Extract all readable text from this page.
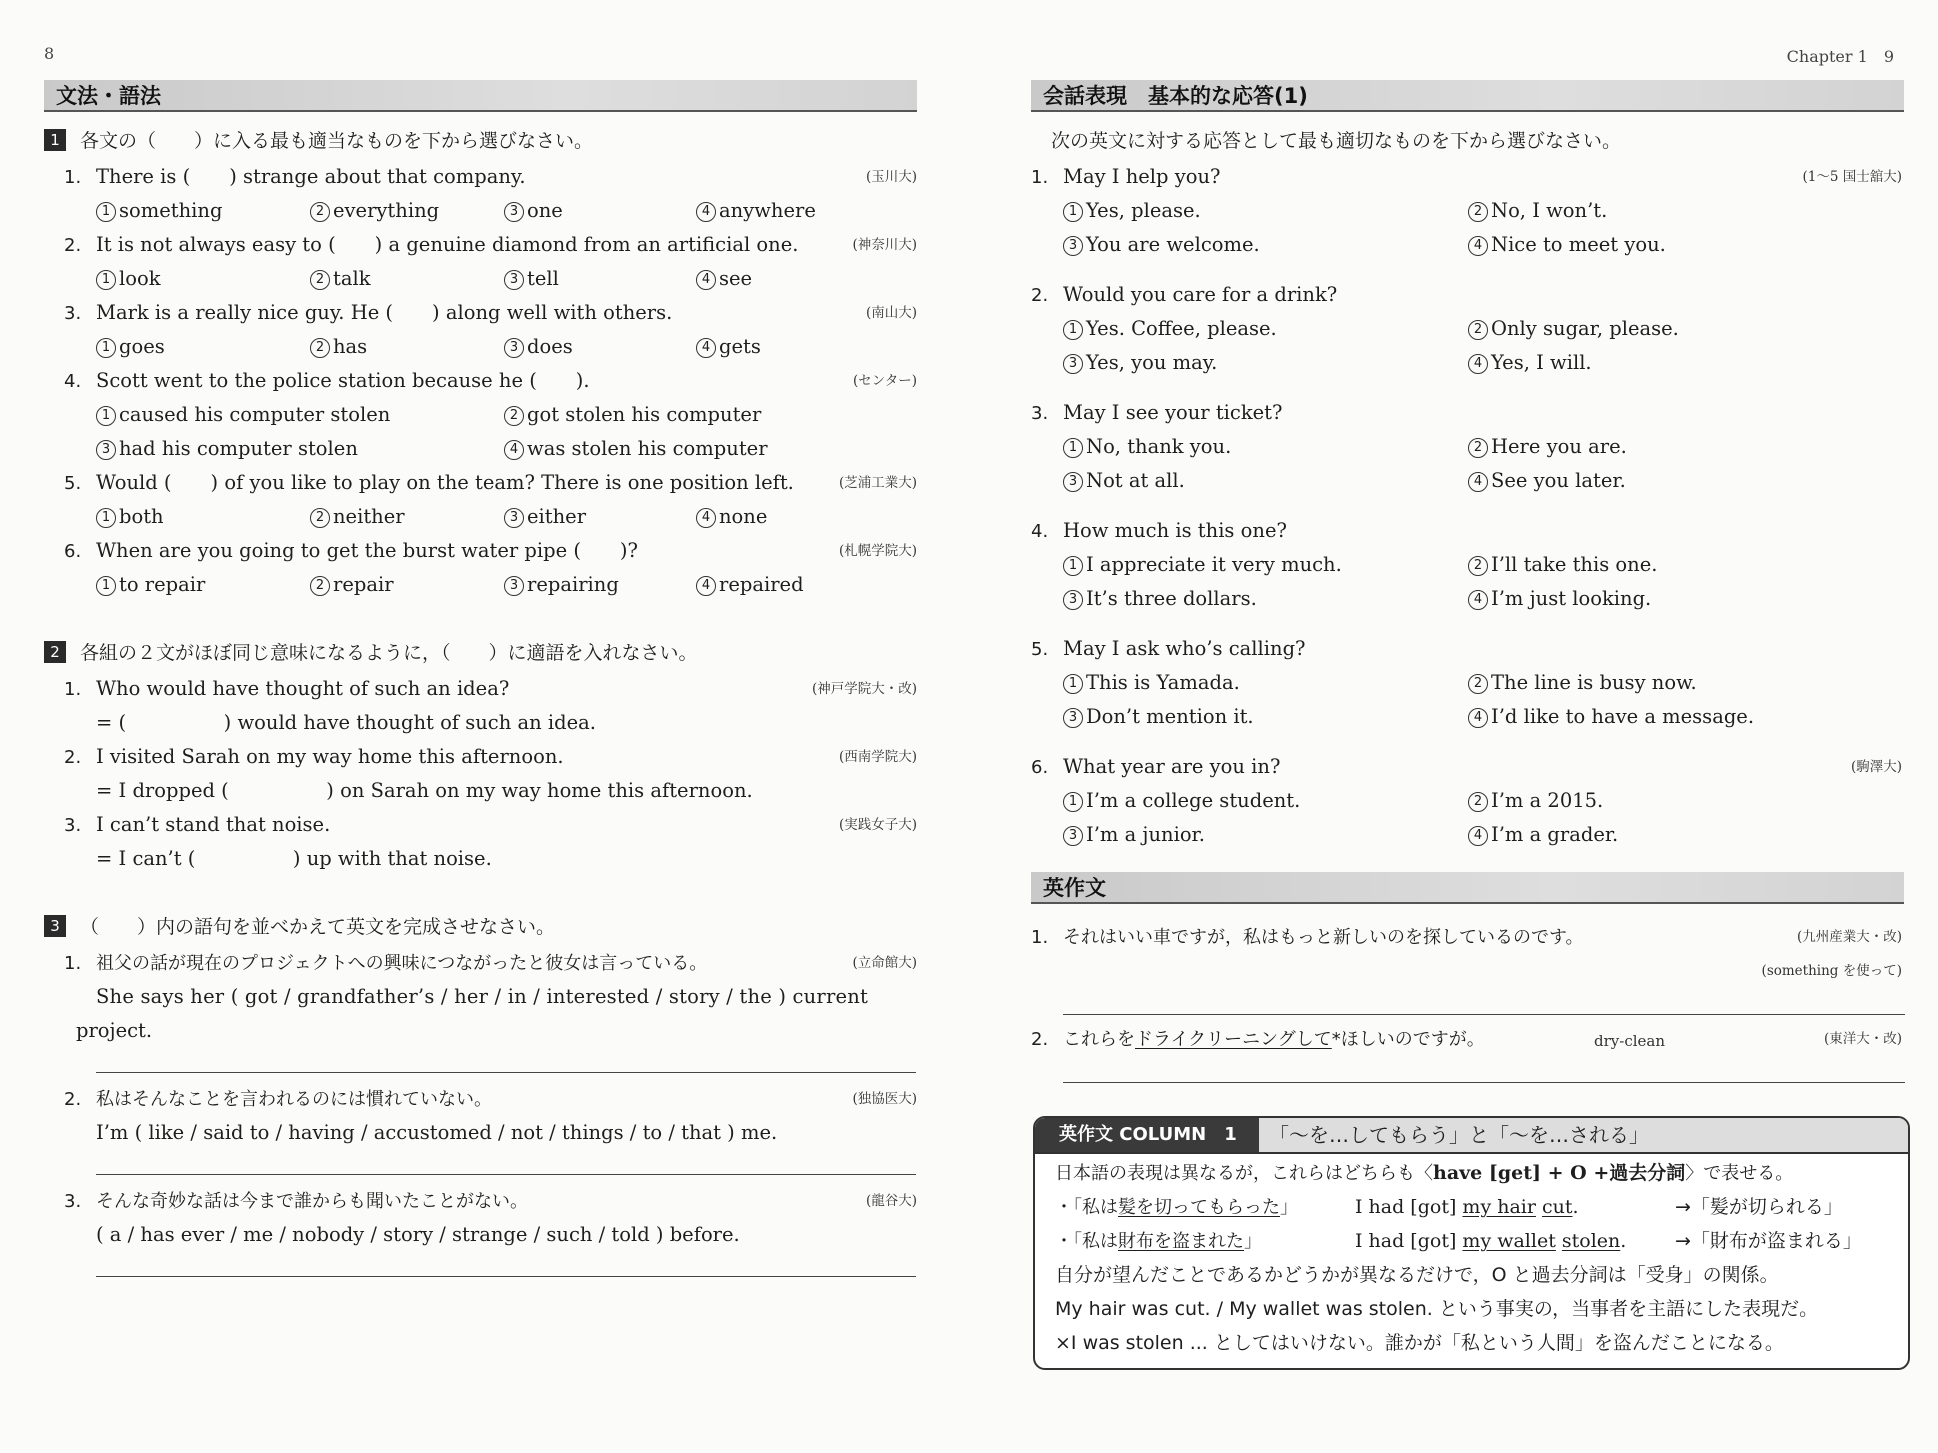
8
文法・語法
1 各文の（　　）に入る最も適当なものを下から選びなさい。
1. There is (　　) strange about that company.	(玉川大)
1 something	2 everything	3 one	4 anywhere
2. It is not always easy to (　　) a genuine diamond from an artificial one.	(神奈川大)
1 look	2 talk	3 tell	4 see
3. Mark is a really nice guy. He (　　) along well with others.	(南山大)
1 goes	2 has	3 does	4 gets
4. Scott went to the police station because he (　　).	(センター)
1 caused his computer stolen	2 got stolen his computer
3 had his computer stolen	4 was stolen his computer
5. Would (　　) of you like to play on the team? There is one position left.	(芝浦工業大)
1 both	2 neither	3 either	4 none
6. When are you going to get the burst water pipe (　　)?	(札幌学院大)
1 to repair	2 repair	3 repairing	4 repaired
2 各組の２文がほぼ同じ意味になるように，（　　）に適語を入れなさい。
1. Who would have thought of such an idea?	(神戸学院大・改)
= (　　　　　) would have thought of such an idea.
2. I visited Sarah on my way home this afternoon.	(西南学院大)
= I dropped (　　　　　) on Sarah on my way home this afternoon.
3. I can’t stand that noise.	(実践女子大)
= I can’t (　　　　　) up with that noise.
3 （　　）内の語句を並べかえて英文を完成させなさい。
1. 祖父の話が現在のプロジェクトへの興味につながったと彼女は言っている。	(立命館大)
She says her ( got / grandfather’s / her / in / interested / story / the ) current
project.
2. 私はそんなことを言われるのには慣れていない。	(独協医大)
I’m ( like / said to / having / accustomed / not / things / to / that ) me.
3. そんな奇妙な話は今まで誰からも聞いたことがない。	(龍谷大)
( a / has ever / me / nobody / story / strange / such / told ) before.
Chapter 1　9
会話表現　基本的な応答(1)
次の英文に対する応答として最も適切なものを下から選びなさい。
1. May I help you?	(1～5 国士舘大)
1 Yes, please.	2 No, I won’t.
3 You are welcome.	4 Nice to meet you.
2. Would you care for a drink?
1 Yes. Coffee, please.	2 Only sugar, please.
3 Yes, you may.	4 Yes, I will.
3. May I see your ticket?
1 No, thank you.	2 Here you are.
3 Not at all.	4 See you later.
4. How much is this one?
1 I appreciate it very much.	2 I’ll take this one.
3 It’s three dollars.	4 I’m just looking.
5. May I ask who’s calling?
1 This is Yamada.	2 The line is busy now.
3 Don’t mention it.	4 I’d like to have a message.
6. What year are you in?	(駒澤大)
1 I’m a college student.	2 I’m a 2015.
3 I’m a junior.	4 I’m a grader.
英作文
1. それはいい車ですが，私はもっと新しいのを探しているのです。	(九州産業大・改)
(something を使って)
2. これらをドライクリーニングして*ほしいのですが。	dry-clean	(東洋大・改)
英作文 COLUMN　1	「～を…してもらう」と「～を…される」
日本語の表現は異なるが，これらはどちらも〈have [get] + O +過去分詞〉で表せる。
・「私は髪を切ってもらった」	I had [got] my hair cut.	→「髪が切られる」
・「私は財布を盗まれた」	I had [got] my wallet stolen.	→「財布が盗まれる」
自分が望んだことであるかどうかが異なるだけで，O と過去分詞は「受身」の関係。
My hair was cut. / My wallet was stolen. という事実の，当事者を主語にした表現だ。
×I was stolen ... としてはいけない。誰かが「私という人間」を盗んだことになる。
